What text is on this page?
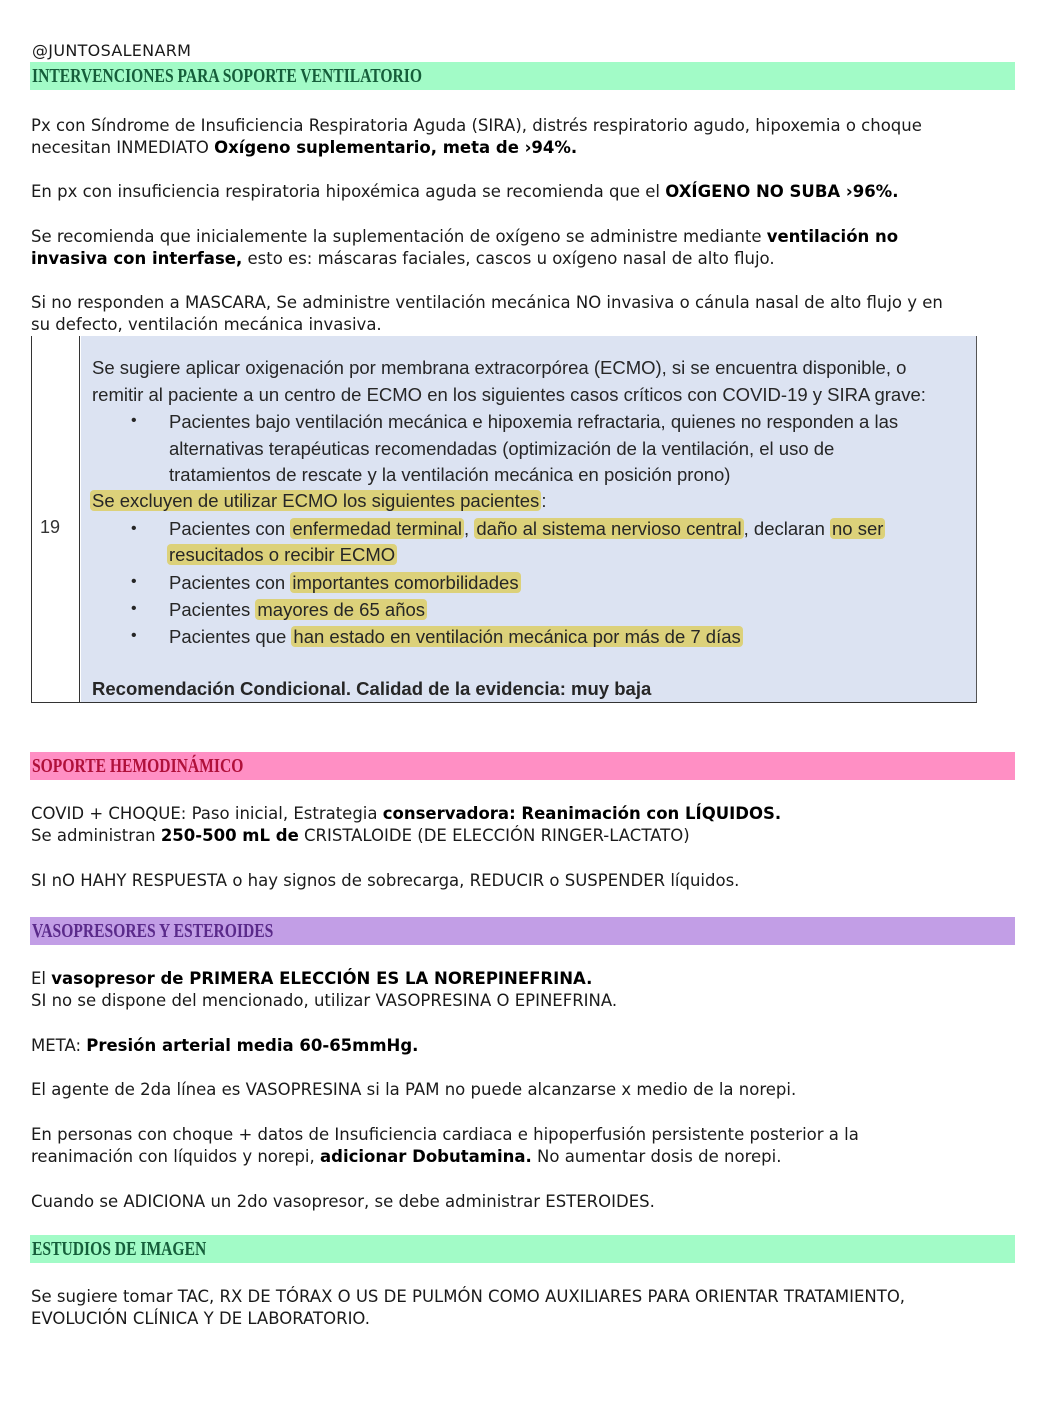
@JUNTOSALENARM
INTERVENCIONES PARA SOPORTE VENTILATORIO

Px con Síndrome de Insuficiencia Respiratoria Aguda (SIRA), distrés respiratorio agudo, hipoxemia o choque
necesitan INMEDIATO Oxígeno suplementario, meta de ›94%.

En px con insuficiencia respiratoria hipoxémica aguda se recomienda que el OXÍGENO NO SUBA ›96%.

Se recomienda que inicialemente la suplementación de oxígeno se administre mediante ventilación no
invasiva con interfase, esto es: máscaras faciales, cascos u oxígeno nasal de alto flujo.

Si no responden a MASCARA, Se administre ventilación mecánica NO invasiva o cánula nasal de alto flujo y en
su defecto, ventilación mecánica invasiva.

19
Se sugiere aplicar oxigenación por membrana extracorpórea (ECMO), si se encuentra disponible, o
remitir al paciente a un centro de ECMO en los siguientes casos críticos con COVID-19 y SIRA grave:
• Pacientes bajo ventilación mecánica e hipoxemia refractaria, quienes no responden a las
alternativas terapéuticas recomendadas (optimización de la ventilación, el uso de
tratamientos de rescate y la ventilación mecánica en posición prono)
Se excluyen de utilizar ECMO los siguientes pacientes :
• Pacientes con enfermedad terminal , daño al sistema nervioso central , declaran no ser
resucitados o recibir ECMO
• Pacientes con importantes comorbilidades
• Pacientes mayores de 65 años
• Pacientes que han estado en ventilación mecánica por más de 7 días
Recomendación Condicional. Calidad de la evidencia: muy baja
SOPORTE HEMODINÁMICO

COVID + CHOQUE: Paso inicial, Estrategia conservadora: Reanimación con LÍQUIDOS.
Se administran 250-500 mL de CRISTALOIDE (DE ELECCIÓN RINGER-LACTATO)

SI nO HAHY RESPUESTA o hay signos de sobrecarga, REDUCIR o SUSPENDER líquidos.

VASOPRESORES Y ESTEROIDES

El vasopresor de PRIMERA ELECCIÓN ES LA NOREPINEFRINA.
SI no se dispone del mencionado, utilizar VASOPRESINA O EPINEFRINA.

META: Presión arterial media 60-65mmHg.

El agente de 2da línea es VASOPRESINA si la PAM no puede alcanzarse x medio de la norepi.

En personas con choque + datos de Insuficiencia cardiaca e hipoperfusión persistente posterior a la
reanimación con líquidos y norepi, adicionar Dobutamina. No aumentar dosis de norepi.

Cuando se ADICIONA un 2do vasopresor, se debe administrar ESTEROIDES.

ESTUDIOS DE IMAGEN

Se sugiere tomar TAC, RX DE TÓRAX O US DE PULMÓN COMO AUXILIARES PARA ORIENTAR TRATAMIENTO,
EVOLUCIÓN CLÍNICA Y DE LABORATORIO.
